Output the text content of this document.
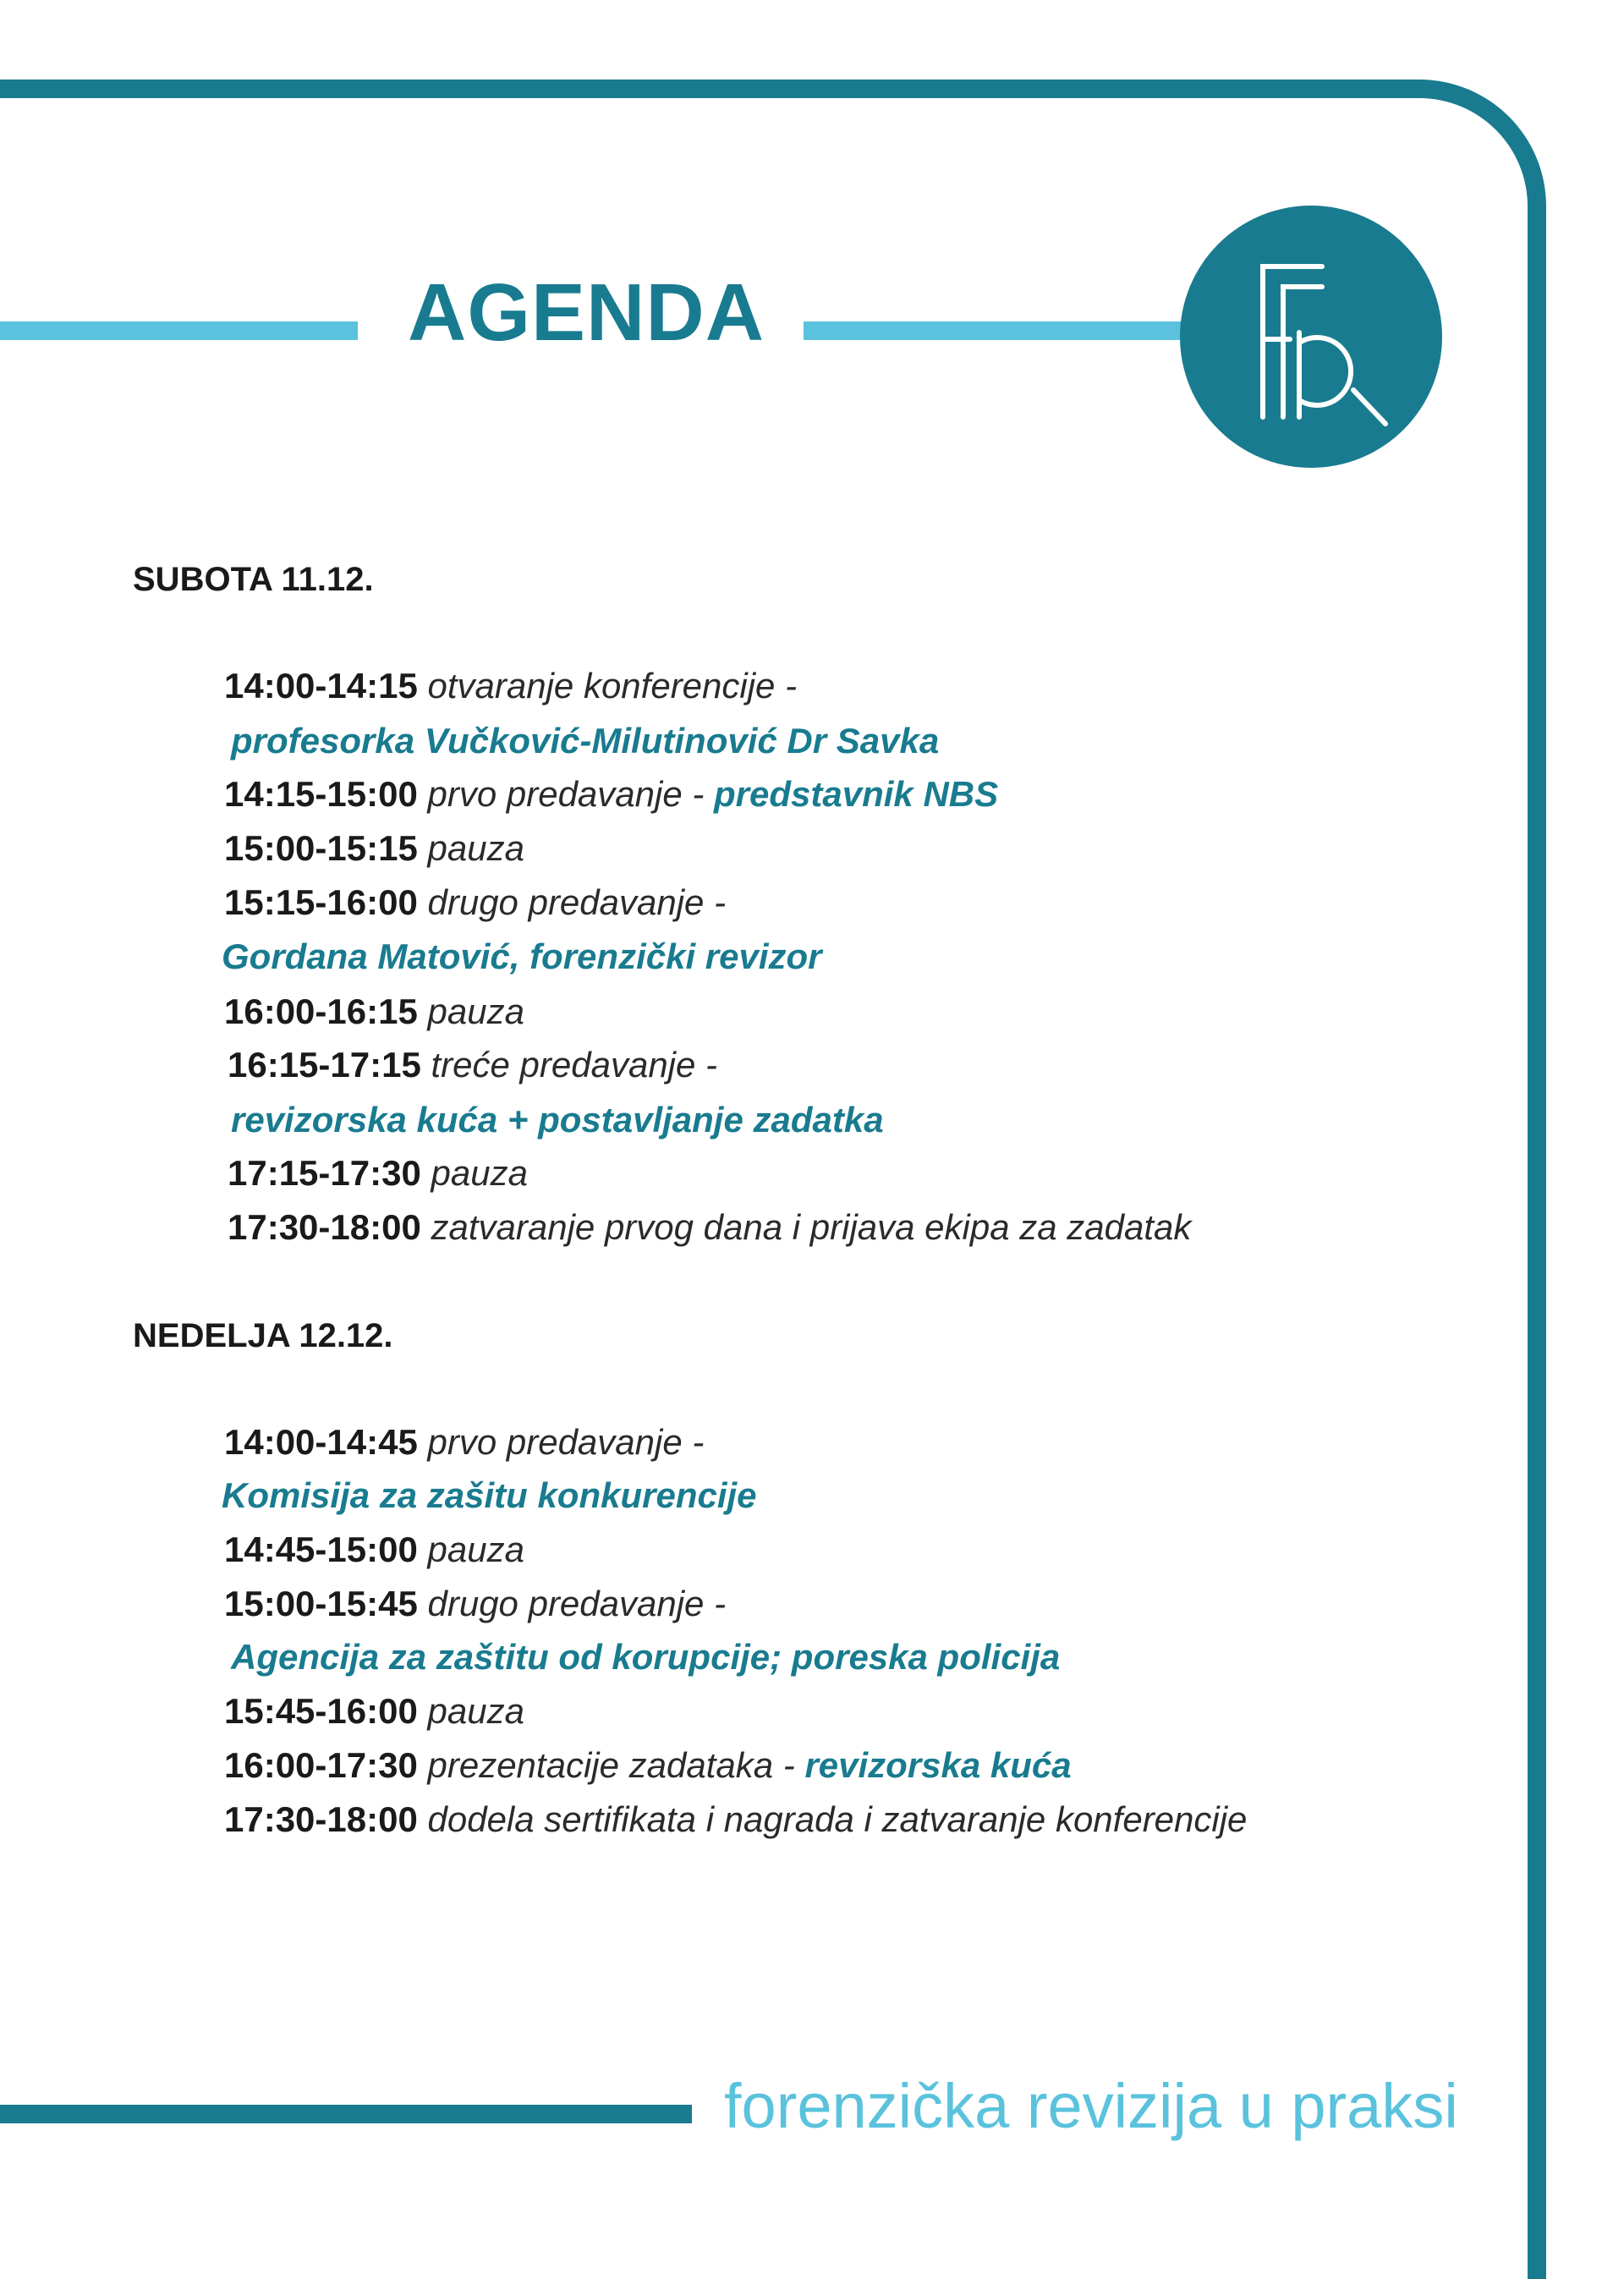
AGENDA
SUBOTA 11.12.
14:00-14:15 otvaranje konferencije -
profesorka Vučković-Milutinović Dr Savka
14:15-15:00 prvo predavanje - predstavnik NBS
15:00-15:15 pauza
15:15-16:00 drugo predavanje -
Gordana Matović, forenzički revizor
16:00-16:15 pauza
16:15-17:15 treće predavanje -
revizorska kuća + postavljanje zadatka
17:15-17:30 pauza
17:30-18:00 zatvaranje prvog dana i prijava ekipa za zadatak
NEDELJA 12.12.
14:00-14:45 prvo predavanje -
Komisija za zašitu konkurencije
14:45-15:00 pauza
15:00-15:45 drugo predavanje -
Agencija za zaštitu od korupcije; poreska policija
15:45-16:00 pauza
16:00-17:30 prezentacije zadataka - revizorska kuća
17:30-18:00 dodela sertifikata i nagrada i zatvaranje konferencije
forenzička revizija u praksi
